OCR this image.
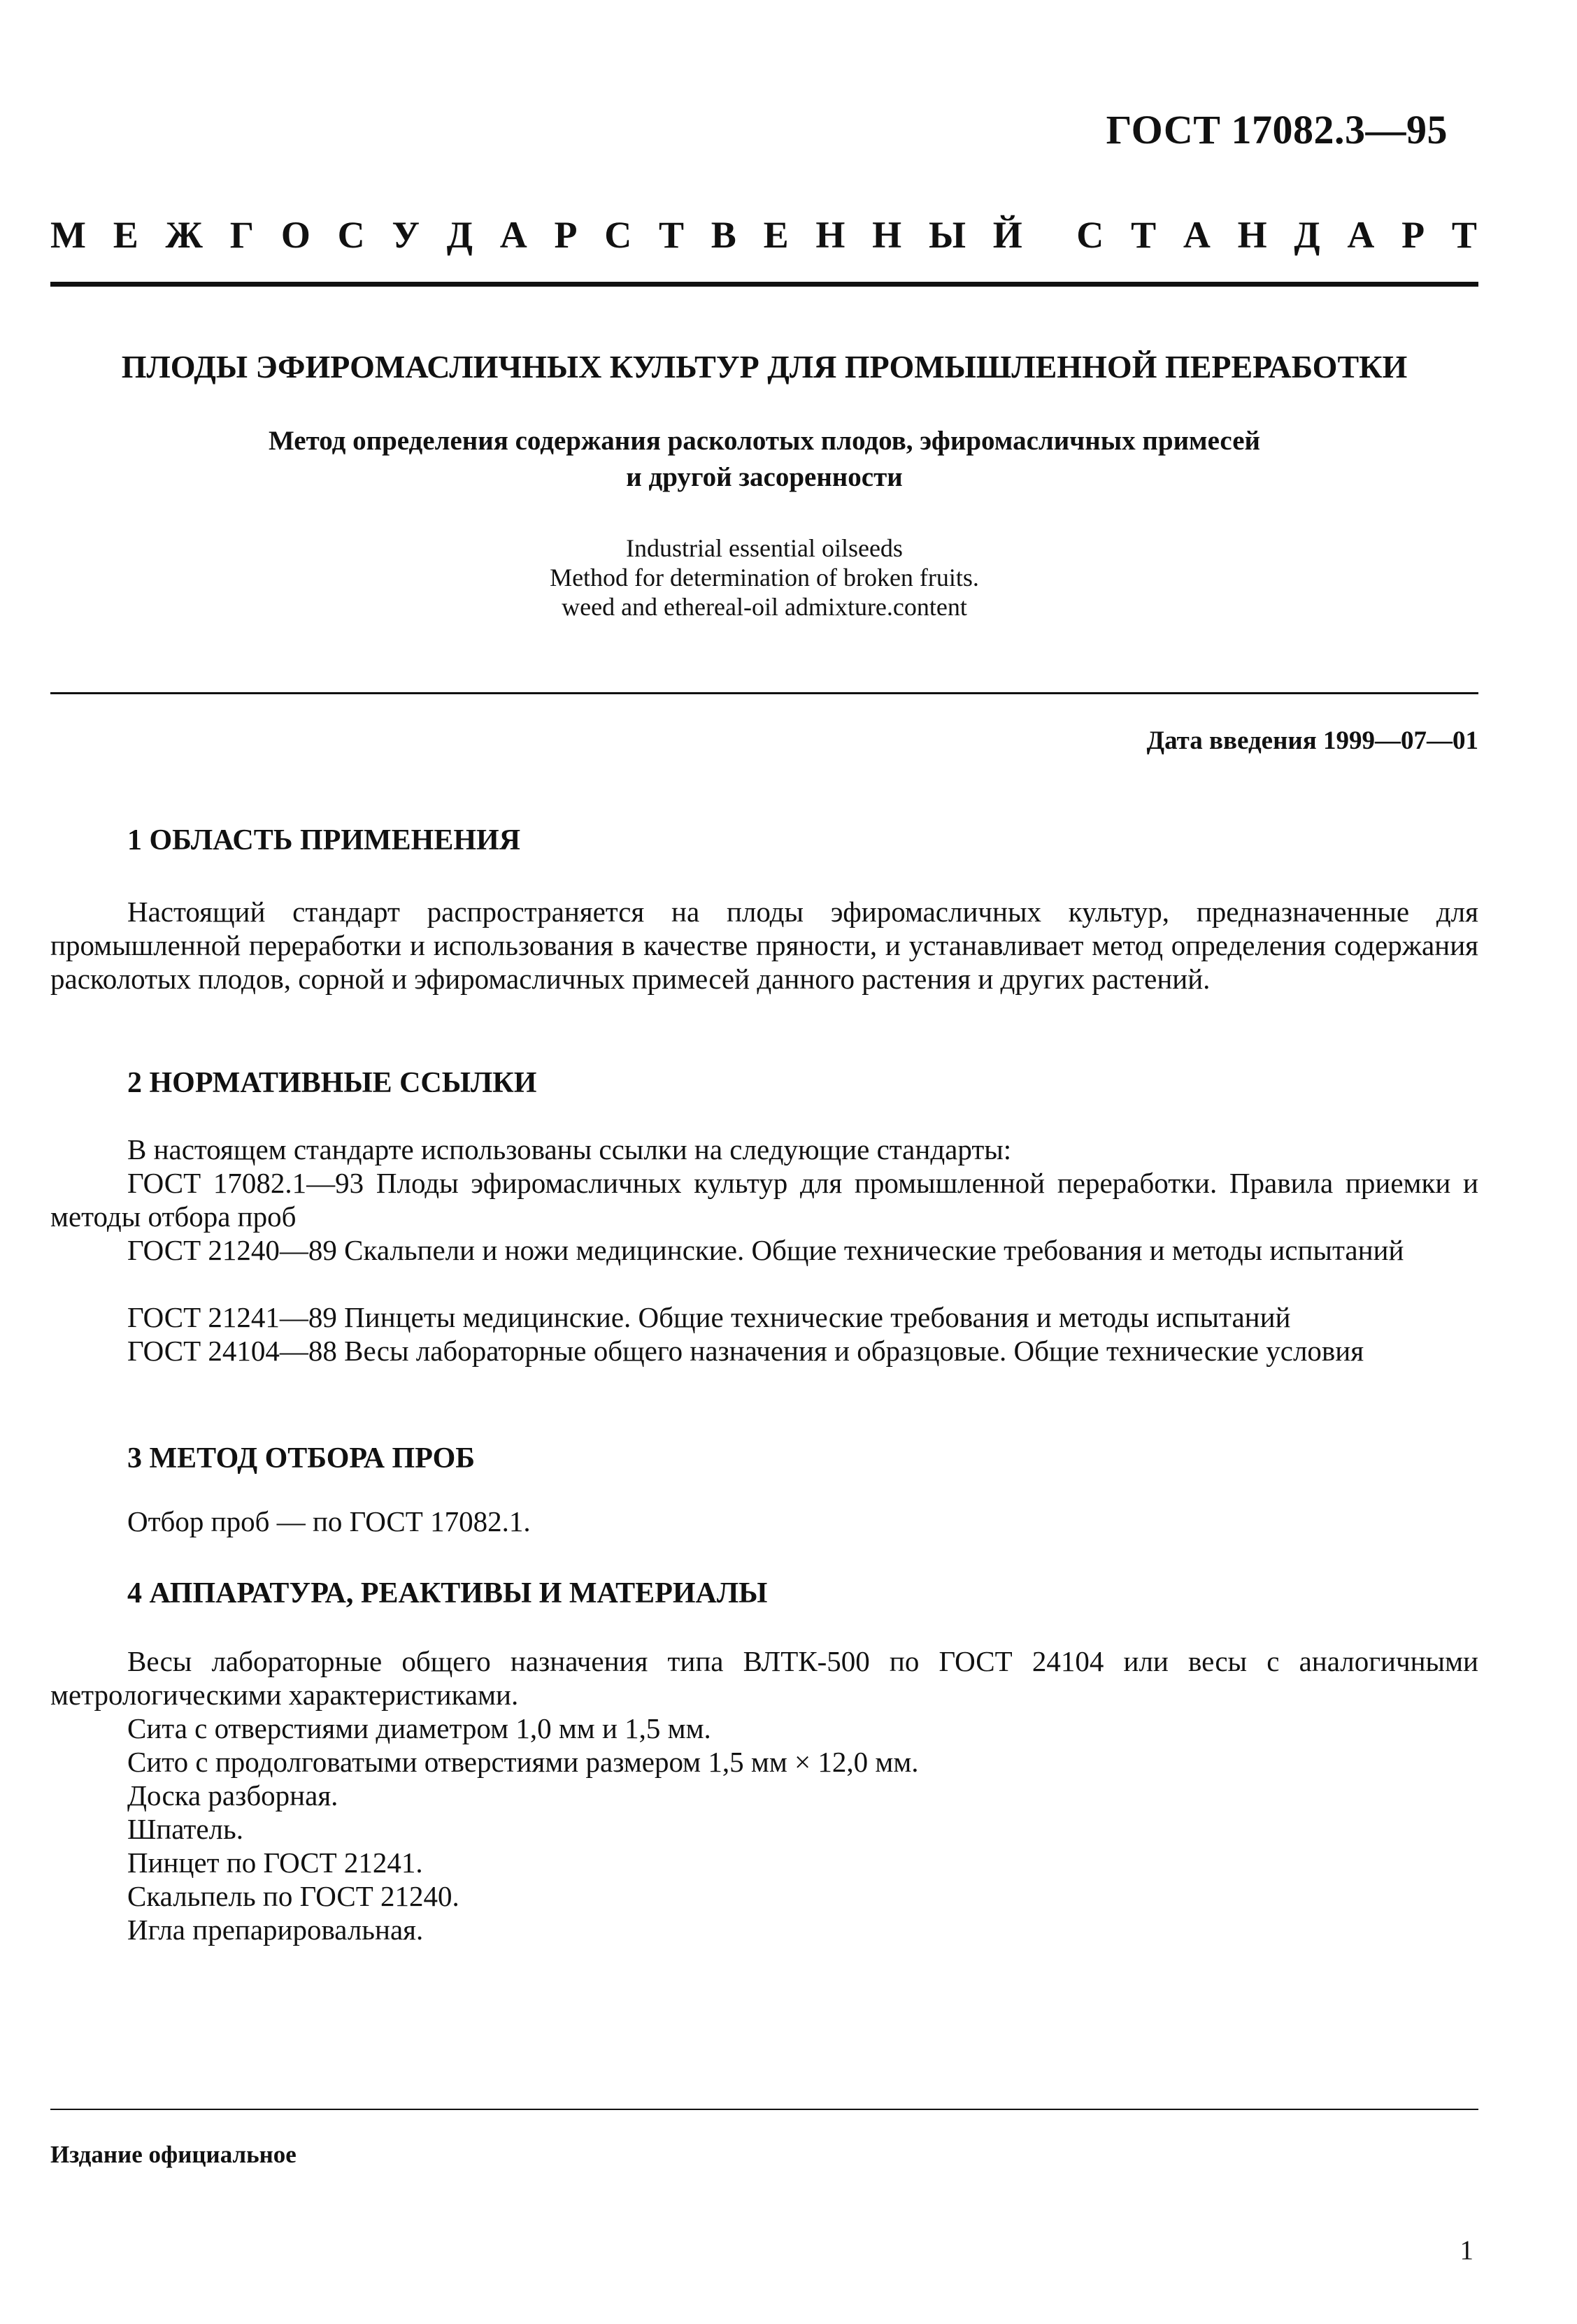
ГОСТ 17082.3—95
М Е Ж Г О С У Д А Р С Т В Е Н Н Ы Й С Т А Н Д А Р Т
ПЛОДЫ ЭФИРОМАСЛИЧНЫХ КУЛЬТУР ДЛЯ ПРОМЫШЛЕННОЙ ПЕРЕРАБОТКИ
Метод определения содержания расколотых плодов, эфиромасличных примесей
и другой засоренности
Industrial essential oilseeds
Method for determination of broken fruits.
weed and ethereal-oil admixture.content
Дата введения 1999—07—01
1 ОБЛАСТЬ ПРИМЕНЕНИЯ
Настоящий стандарт распространяется на плоды эфиромасличных культур, предназначенные для промышленной переработки и использования в качестве пряности, и устанавливает метод определения содержания расколотых плодов, сорной и эфиромасличных примесей данного растения и других растений.
2 НОРМАТИВНЫЕ ССЫЛКИ
В настоящем стандарте использованы ссылки на следующие стандарты:
ГОСТ 17082.1—93 Плоды эфиромасличных культур для промышленной переработки. Правила приемки и методы отбора проб
ГОСТ 21240—89 Скальпели и ножи медицинские. Общие технические требования и методы испытаний
ГОСТ 21241—89 Пинцеты медицинские. Общие технические требования и методы испытаний
ГОСТ 24104—88 Весы лабораторные общего назначения и образцовые. Общие технические условия
3 МЕТОД ОТБОРА ПРОБ
Отбор проб — по ГОСТ 17082.1.
4 АППАРАТУРА, РЕАКТИВЫ И МАТЕРИАЛЫ
Весы лабораторные общего назначения типа ВЛТК-500 по ГОСТ 24104 или весы с аналогичными метрологическими характеристиками.
Сита с отверстиями диаметром 1,0 мм и 1,5 мм.
Сито с продолговатыми отверстиями размером 1,5 мм × 12,0 мм.
Доска разборная.
Шпатель.
Пинцет по ГОСТ 21241.
Скальпель по ГОСТ 21240.
Игла препарировальная.
Издание официальное
1
